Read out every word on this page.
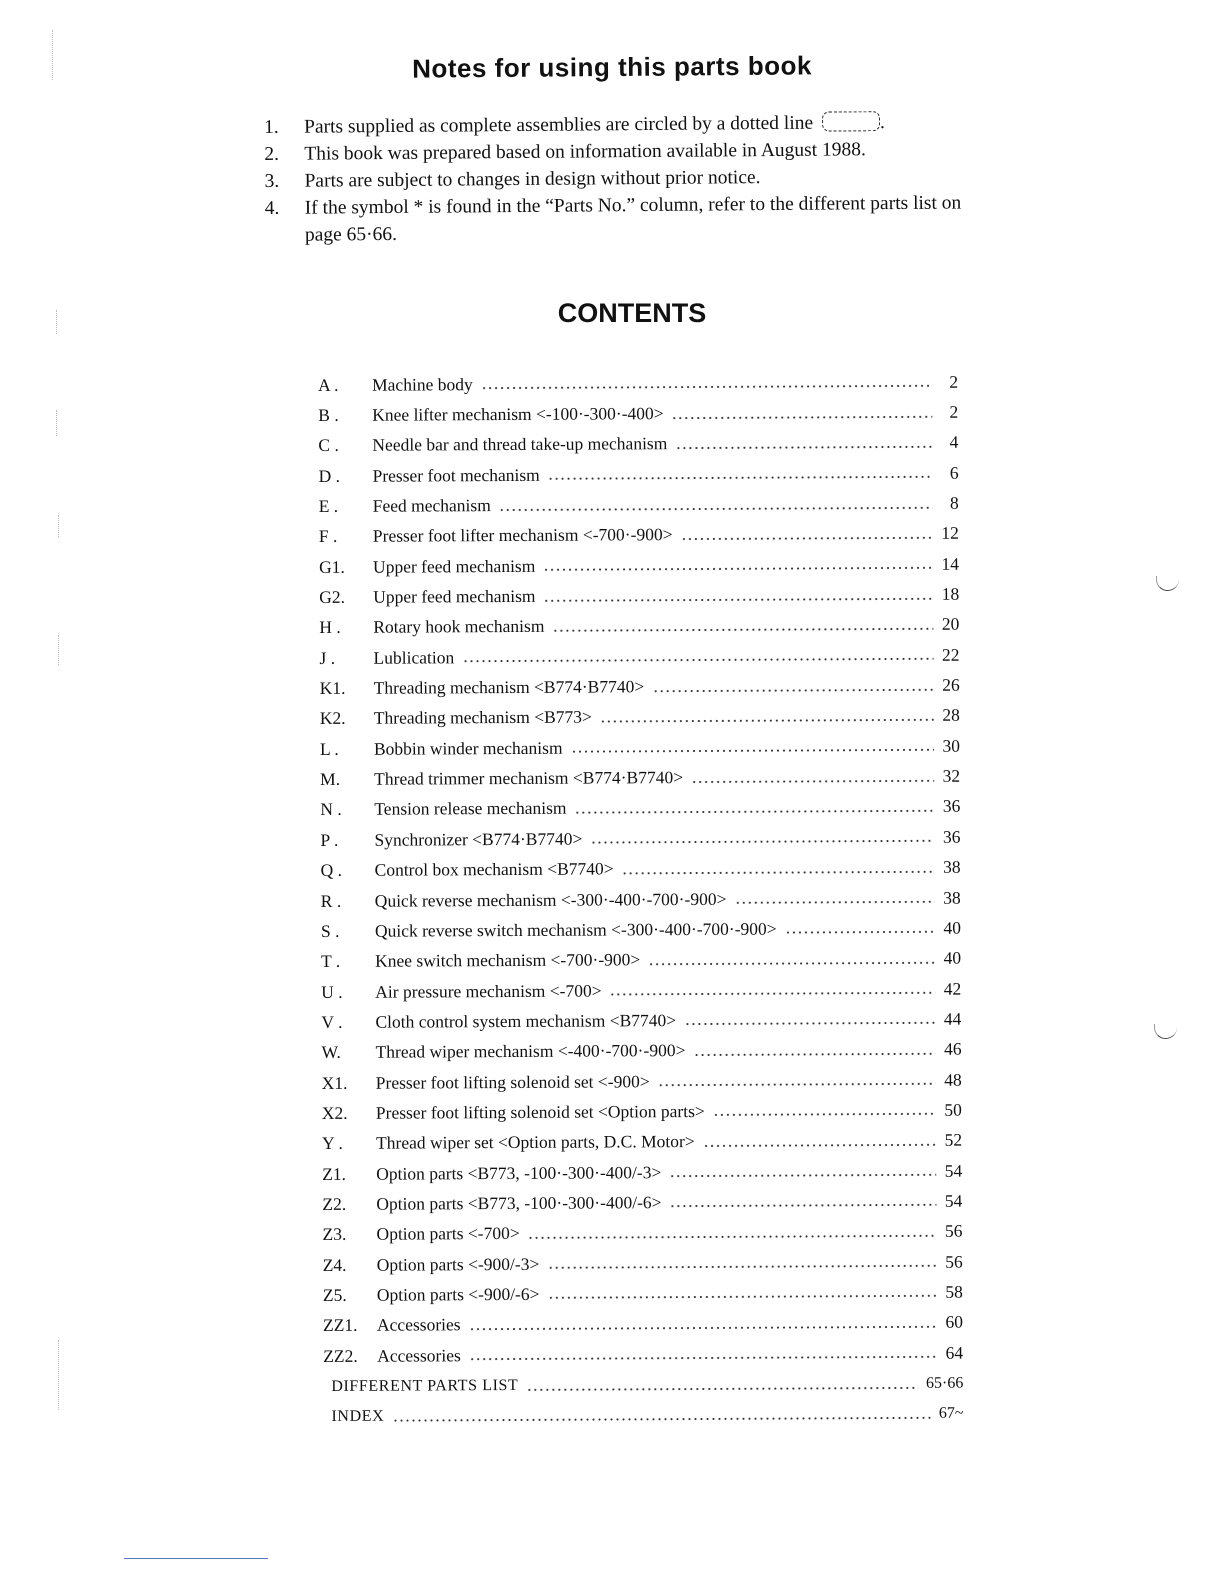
Notes for using this parts book
1. Parts supplied as complete assemblies are circled by a dotted line	.
2. This book was prepared based on information available in August 1988.
3. Parts are subject to changes in design without prior notice.
4. If the symbol * is found in the “Parts No.” column, refer to the different parts list on page 65·66.
CONTENTS
A .	Machine body	2
B .	Knee lifter mechanism <-100·-300·-400>	2
C .	Needle bar and thread take-up mechanism	4
D .	Presser foot mechanism	6
E .	Feed mechanism	8
F .	Presser foot lifter mechanism <-700·-900>	12
G1.	Upper feed mechanism	14
G2.	Upper feed mechanism	18
H .	Rotary hook mechanism	20
J .	Lublication	22
K1.	Threading mechanism <B774·B7740>	26
K2.	Threading mechanism <B773>	28
L .	Bobbin winder mechanism	30
M.	Thread trimmer mechanism <B774·B7740>	32
N .	Tension release mechanism	36
P .	Synchronizer <B774·B7740>	36
Q .	Control box mechanism <B7740>	38
R .	Quick reverse mechanism <-300·-400·-700·-900>	38
S .	Quick reverse switch mechanism <-300·-400·-700·-900>	40
T .	Knee switch mechanism <-700·-900>	40
U .	Air pressure mechanism <-700>	42
V .	Cloth control system mechanism <B7740>	44
W.	Thread wiper mechanism <-400·-700·-900>	46
X1.	Presser foot lifting solenoid set <-900>	48
X2.	Presser foot lifting solenoid set <Option parts>	50
Y .	Thread wiper set <Option parts, D.C. Motor>	52
Z1.	Option parts <B773, -100·-300·-400/-3>	54
Z2.	Option parts <B773, -100·-300·-400/-6>	54
Z3.	Option parts <-700>	56
Z4.	Option parts <-900/-3>	56
Z5.	Option parts <-900/-6>	58
ZZ1.	Accessories	60
ZZ2.	Accessories	64
DIFFERENT PARTS LIST	65·66
INDEX	67~
